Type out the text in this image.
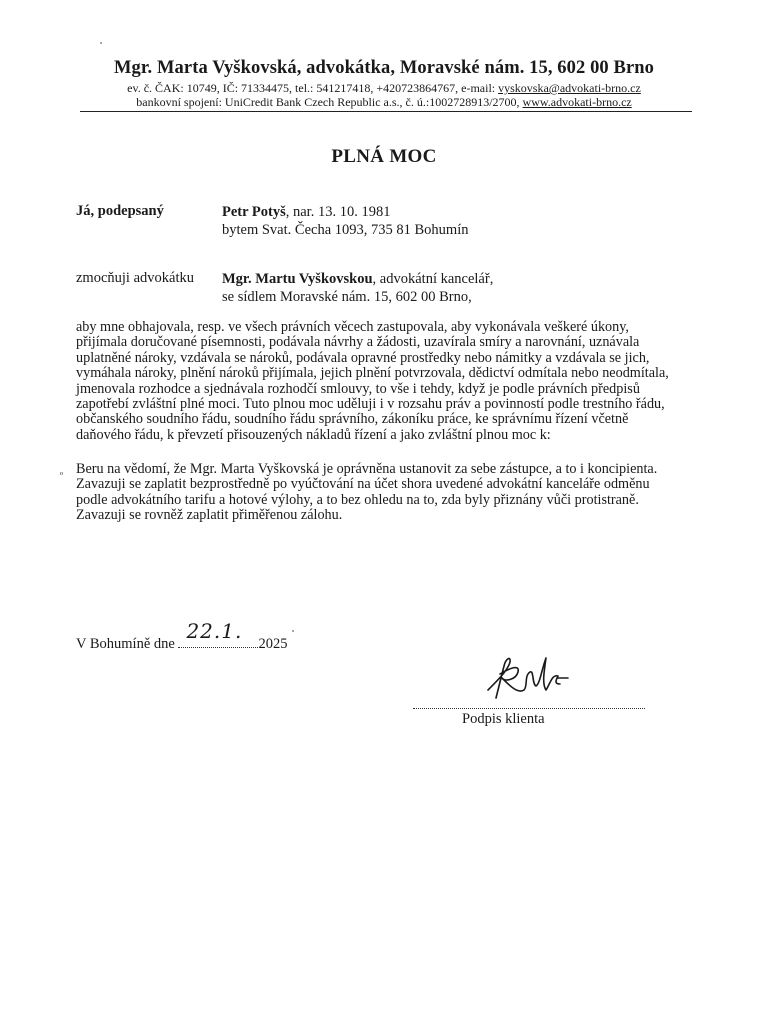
Mgr. Marta Vyškovská, advokátka, Moravské nám. 15, 602 00 Brno
ev. č. ČAK: 10749, IČ: 71334475, tel.: 541217418, +420723864767, e-mail: vyskovska@advokati-brno.cz
bankovní spojení: UniCredit Bank Czech Republic a.s., č. ú.:1002728913/2700, www.advokati-brno.cz
PLNÁ MOC
Já, podepsaný	Petr Potyš, nar. 13. 10. 1981
bytem Svat. Čecha 1093, 735 81 Bohumín
zmocňuji advokátku Mgr. Martu Vyškovskou, advokátní kancelář,
se sídlem Moravské nám. 15, 602 00 Brno,

aby mne obhajovala, resp. ve všech právních věcech zastupovala, aby vykonávala veškeré úkony,

přijímala doručované písemnosti, podávala návrhy a žádosti, uzavírala smíry a narovnání, uznávala

uplatněné nároky, vzdávala se nároků, podávala opravné prostředky nebo námitky a vzdávala se jich,

vymáhala nároky, plnění nároků přijímala, jejich plnění potvrzovala, dědictví odmítala nebo neodmítala,

jmenovala rozhodce a sjednávala rozhodčí smlouvy, to vše i tehdy, když je podle právních předpisů

zapotřebí zvláštní plné moci. Tuto plnou moc uděluji i v rozsahu práv a povinností podle trestního řádu,

občanského soudního řádu, soudního řádu správního, zákoníku práce, ke správnímu řízení včetně

daňového řádu, k převzetí přisouzených nákladů řízení a jako zvláštní plnou moc k:

ₒ Beru na vědomí, že Mgr. Marta Vyškovská je oprávněna ustanovit za sebe zástupce, a to i koncipienta.

Zavazuji se zaplatit bezprostředně po vyúčtování na účet shora uvedené advokátní kanceláře odměnu

podle advokátního tarifu a hotové výlohy, a to bez ohledu na to, zda byly přiznány vůči protistraně.

Zavazuji se rovněž zaplatit přiměřenou zálohu.

V Bohumíně dne
22.1.
2025
Podpis klienta
